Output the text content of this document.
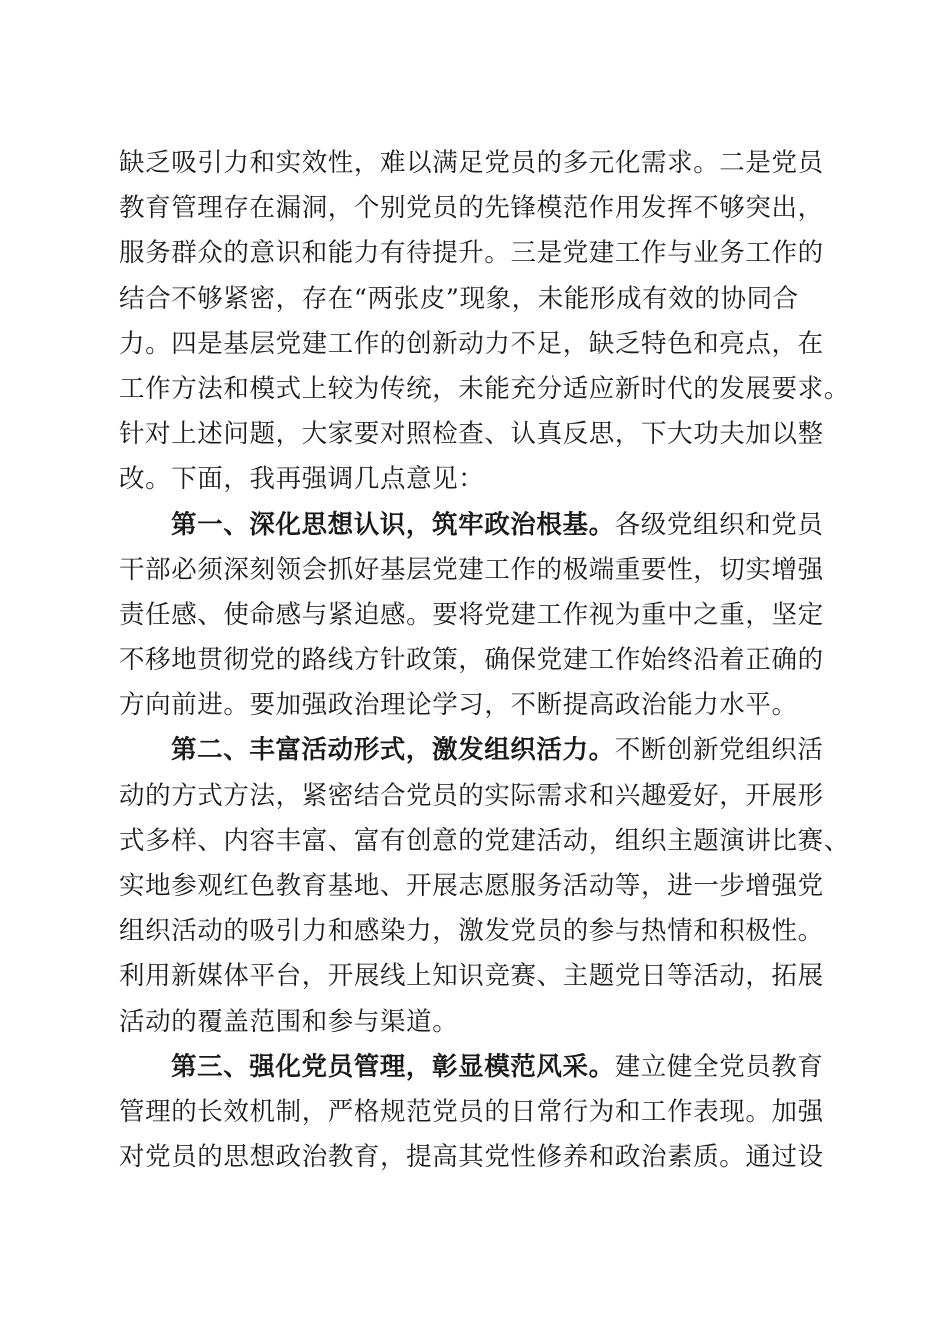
缺乏吸引力和实效性，难以满足党员的多元化需求。二是党员
教育管理存在漏洞，个别党员的先锋模范作用发挥不够突出，
服务群众的意识和能力有待提升。三是党建工作与业务工作的
结合不够紧密，存在“两张皮”现象，未能形成有效的协同合
力。四是基层党建工作的创新动力不足，缺乏特色和亮点，在
工作方法和模式上较为传统，未能充分适应新时代的发展要求。
针对上述问题，大家要对照检查、认真反思，下大功夫加以整
改。下面，我再强调几点意见：
第一、深化思想认识，筑牢政治根基。各级党组织和党员
干部必须深刻领会抓好基层党建工作的极端重要性，切实增强
责任感、使命感与紧迫感。要将党建工作视为重中之重，坚定
不移地贯彻党的路线方针政策，确保党建工作始终沿着正确的
方向前进。要加强政治理论学习，不断提高政治能力水平。
第二、丰富活动形式，激发组织活力。不断创新党组织活
动的方式方法，紧密结合党员的实际需求和兴趣爱好，开展形
式多样、内容丰富、富有创意的党建活动，组织主题演讲比赛、
实地参观红色教育基地、开展志愿服务活动等，进一步增强党
组织活动的吸引力和感染力，激发党员的参与热情和积极性。
利用新媒体平台，开展线上知识竞赛、主题党日等活动，拓展
活动的覆盖范围和参与渠道。
第三、强化党员管理，彰显模范风采。建立健全党员教育
管理的长效机制，严格规范党员的日常行为和工作表现。加强
对党员的思想政治教育，提高其党性修养和政治素质。通过设
